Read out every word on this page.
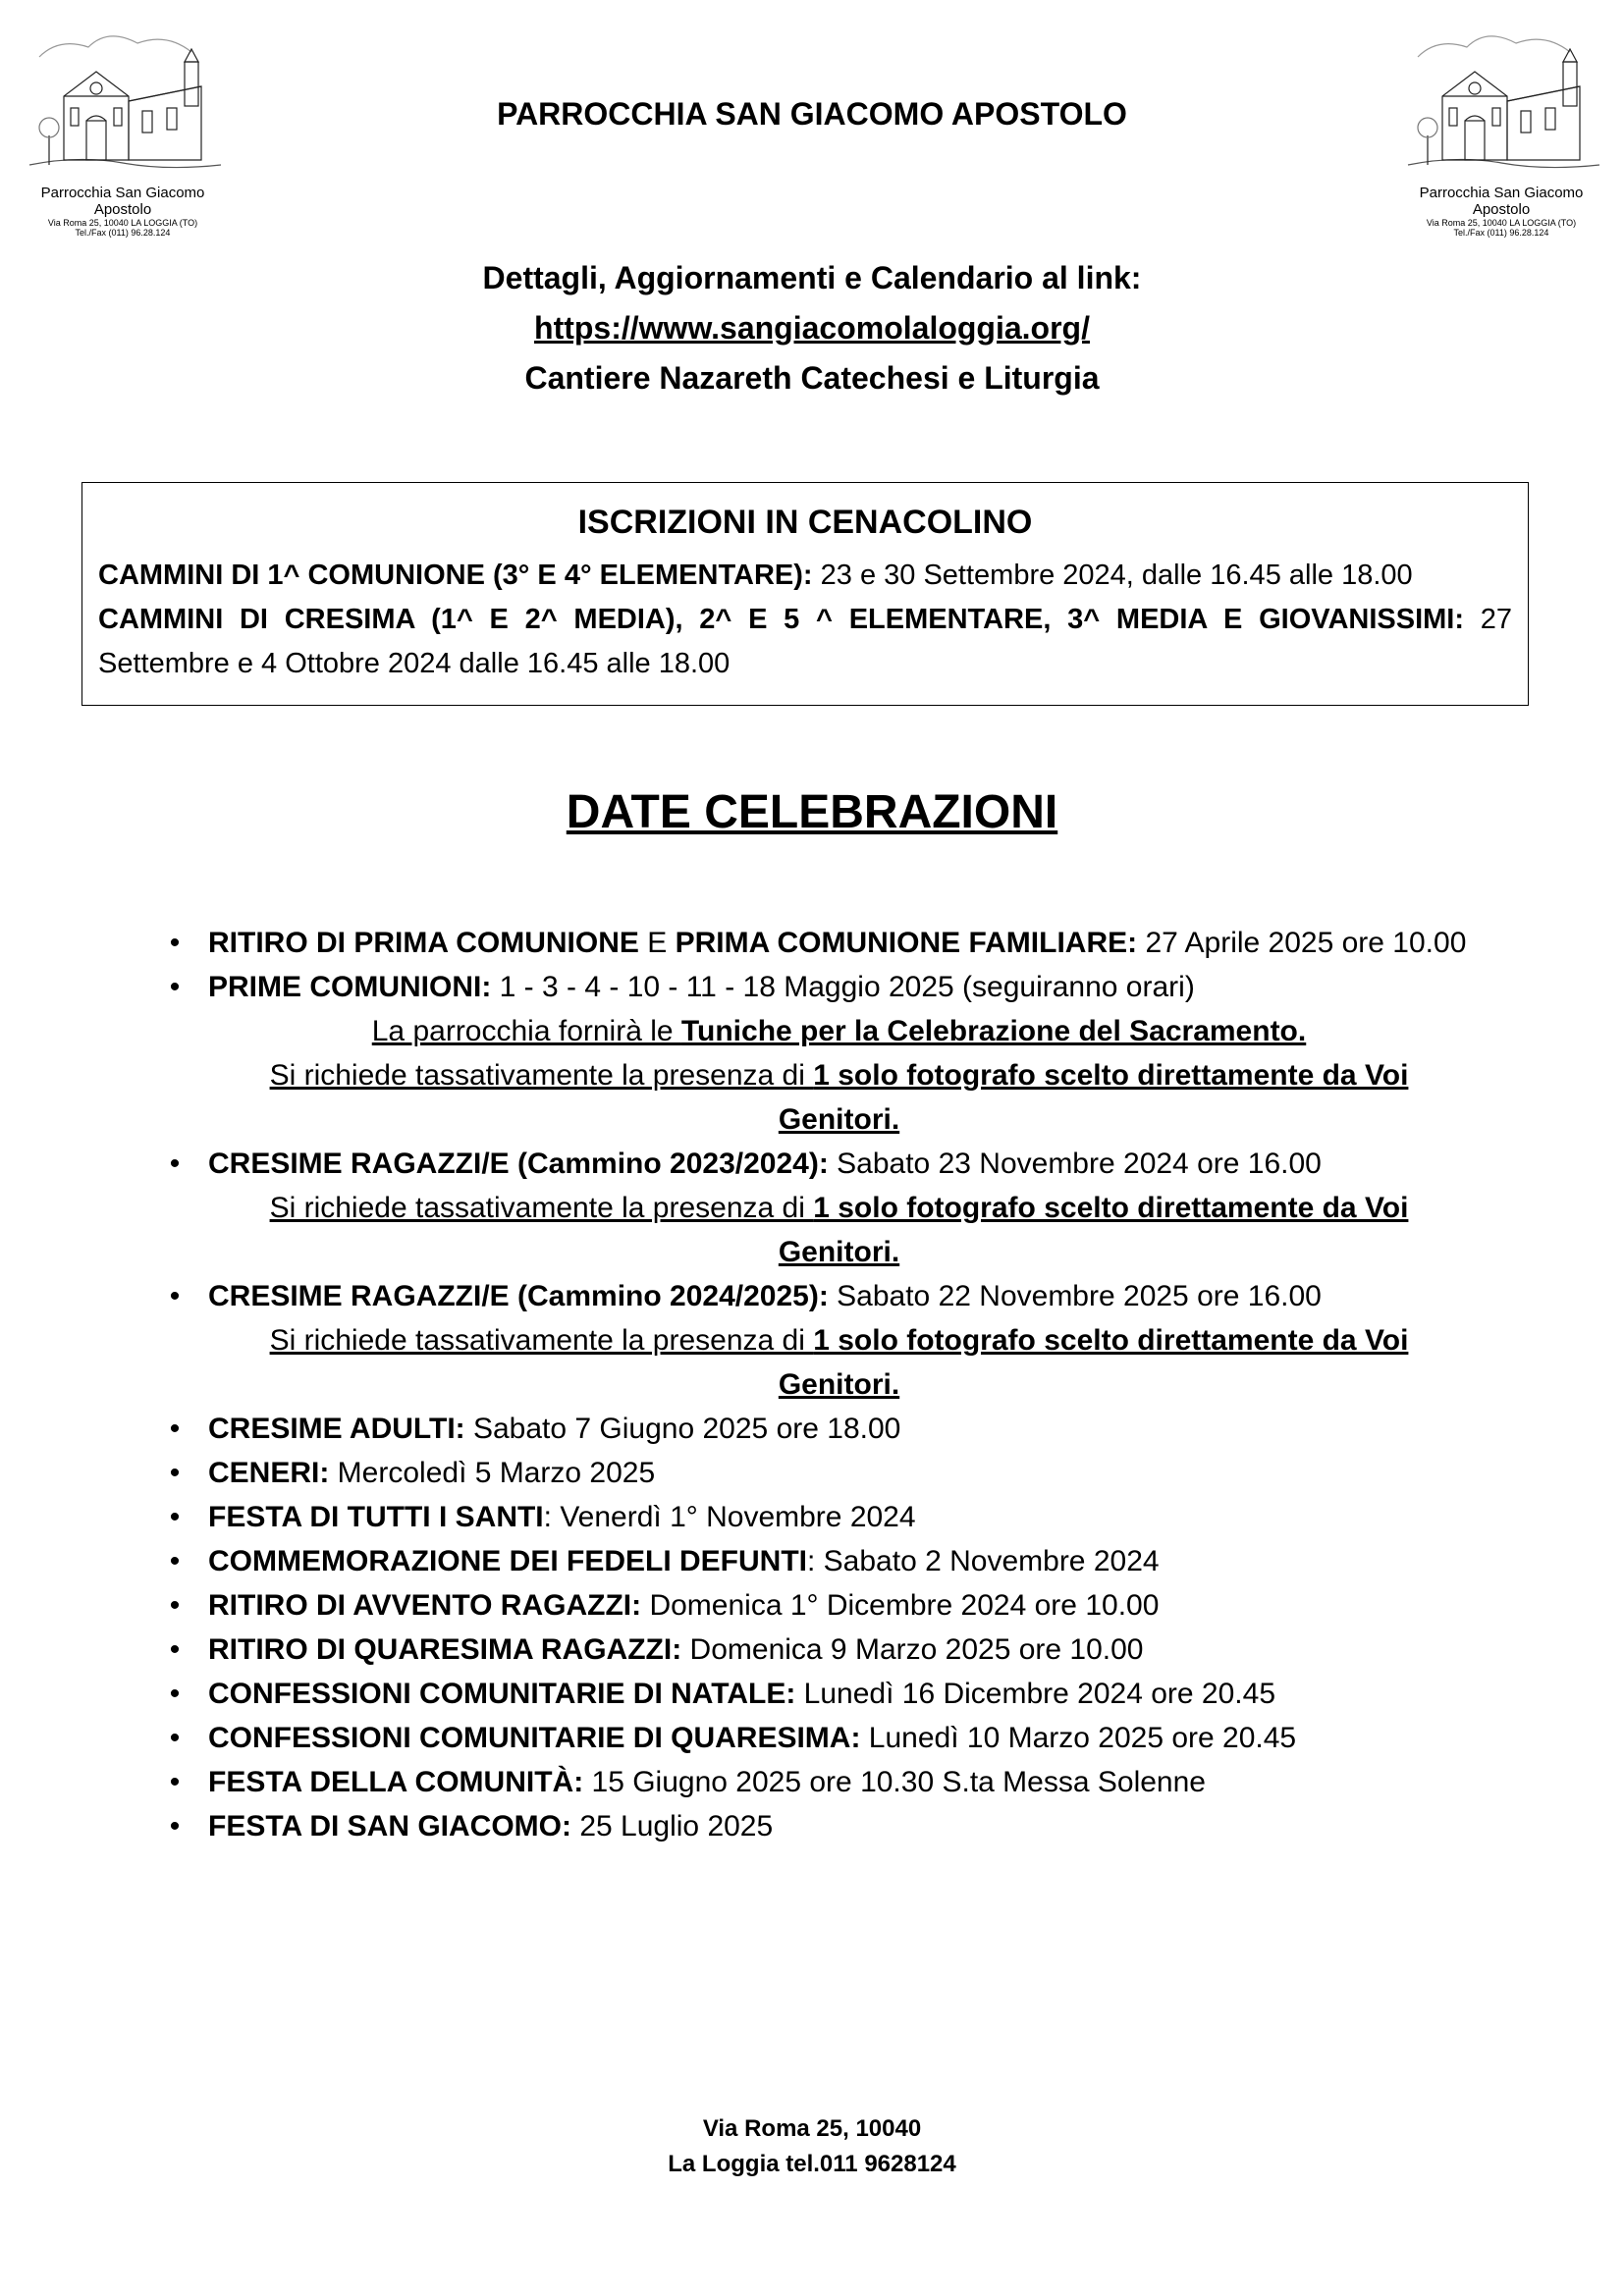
Parrocchia San Giacomo Apostolo
Via Roma 25, 10040 LA LOGGIA (TO)
Tel./Fax (011) 96.28.124
Parrocchia San Giacomo Apostolo
Via Roma 25, 10040 LA LOGGIA (TO)
Tel./Fax (011) 96.28.124
PARROCCHIA SAN GIACOMO APOSTOLO
Dettagli, Aggiornamenti e Calendario al link:
https://www.sangiacomolaloggia.org/
Cantiere Nazareth Catechesi e Liturgia
ISCRIZIONI IN CENACOLINO

CAMMINI DI 1^ COMUNIONE (3° E 4° ELEMENTARE): 23 e 30 Settembre 2024, dalle 16.45 alle 18.00

CAMMINI DI CRESIMA (1^ E 2^ MEDIA), 2^ E 5 ^ ELEMENTARE, 3^ MEDIA E GIOVANISSIMI: 27 Settembre e 4 Ottobre 2024 dalle 16.45 alle 18.00

DATE CELEBRAZIONI
• RITIRO DI PRIMA COMUNIONE E PRIMA COMUNIONE FAMILIARE: 27 Aprile 2025 ore 10.00
• PRIME COMUNIONI: 1 - 3 - 4 - 10 - 11 - 18 Maggio 2025 (seguiranno orari)
La parrocchia fornirà le Tuniche per la Celebrazione del Sacramento.
Si richiede tassativamente la presenza di 1 solo fotografo scelto direttamente da Voi Genitori.
• CRESIME RAGAZZI/E (Cammino 2023/2024): Sabato 23 Novembre 2024 ore 16.00
Si richiede tassativamente la presenza di 1 solo fotografo scelto direttamente da Voi Genitori.
• CRESIME RAGAZZI/E (Cammino 2024/2025): Sabato 22 Novembre 2025 ore 16.00
Si richiede tassativamente la presenza di 1 solo fotografo scelto direttamente da Voi Genitori.
• CRESIME ADULTI: Sabato 7 Giugno 2025 ore 18.00
• CENERI: Mercoledì 5 Marzo 2025
• FESTA DI TUTTI I SANTI: Venerdì 1° Novembre 2024
• COMMEMORAZIONE DEI FEDELI DEFUNTI: Sabato 2 Novembre 2024
• RITIRO DI AVVENTO RAGAZZI: Domenica 1° Dicembre 2024 ore 10.00
• RITIRO DI QUARESIMA RAGAZZI: Domenica 9 Marzo 2025 ore 10.00
• CONFESSIONI COMUNITARIE DI NATALE: Lunedì 16 Dicembre 2024 ore 20.45
• CONFESSIONI COMUNITARIE DI QUARESIMA: Lunedì 10 Marzo 2025 ore 20.45
• FESTA DELLA COMUNITÀ: 15 Giugno 2025 ore 10.30 S.ta Messa Solenne
• FESTA DI SAN GIACOMO: 25 Luglio 2025
Via Roma 25, 10040
La Loggia tel.011 9628124
